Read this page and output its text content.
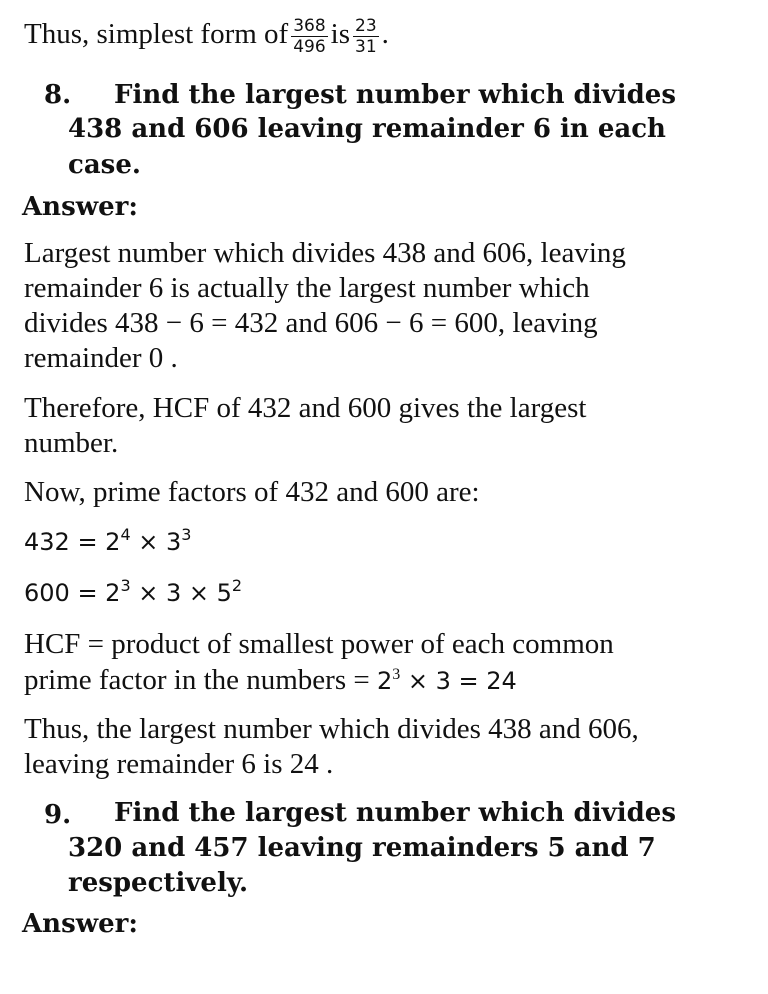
Thus, simplest form of $\frac{368}{496}$ is $\frac{23}{31}$ .
8. Find the largest number which divides
438 and 606 leaving remainder 6 in each
case.
Answer:
Largest number which divides 438 and 606, leaving
remainder 6 is actually the largest number which
divides 438 − 6 = 432 and 606 − 6 = 600, leaving
remainder 0 .
Therefore, HCF of 432 and 600 gives the largest
number.
Now, prime factors of 432 and 600 are:
$432 = 2^4 \times 3^3$
$600 = 2^3 \times 3 \times 5^2$
HCF = product of smallest power of each common
prime factor in the numbers = $2^3 \times 3 = 24$
Thus, the largest number which divides 438 and 606,
leaving remainder 6 is 24 .
9. Find the largest number which divides
320 and 457 leaving remainders 5 and 7
respectively.
Answer:
